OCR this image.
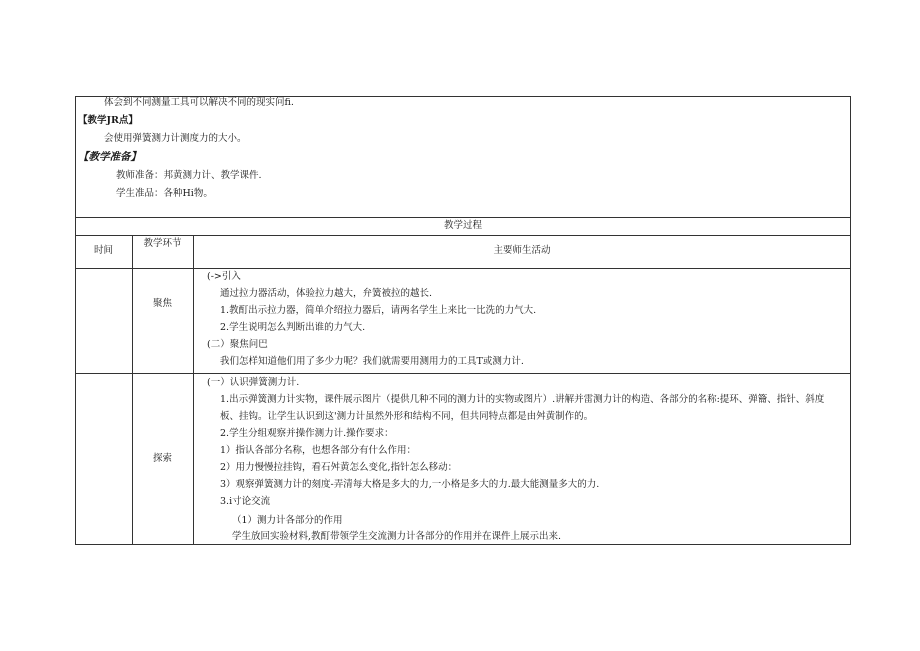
体会到不同测量工具可以解决不同的现实问fi.
【教学JR点】
会使用弹簧测力计测度力的大小。
【教学准备】
教师准备：邦黄测力计、教学课件.
学生准品：各种Hi物。
教学过程
时间
教学环节
主要师生活动
聚焦
(->引入
通过拉力器活动，体验拉力越大，弁簧被拉的越长.
1.教酊出示拉力器，简单介绍拉力器后，请两名学生上来比一比洗的力气大.
2.学生说明怎么判断出谁的力气大.
(二）聚焦问巴
我们怎样知道他们用了多少力呢？我们就需要用测用力的工具T或测力计.
探索
(一）认识弹簧测力计.
1.出示弹簧测力计实物，课件展示图片（提供几种不同的测力计的实物或图片）.讲解并雷测力计的构造、各部分的名称:提环、弹籥、指针、斜度
板、挂钩。让学生认识到这'测力计虽然外形和结构不同，但共同特点都是由舛黄制作的。
2.学生分组观察并操作测力计.操作要求：
1）指认各部分名称，也想各部分有什么作用：
2）用力慢慢拉挂钩，看石舛黄怎么变化,指针怎么移动：
3）观察弹簧测力计的刻度-弄清每大格是多大的力,一小格是多大的力.最大能测量多大的力.
3.i寸论交流
（1）测力计各部分的作用
学生放回实验材料,教酊带领学生交流测力计各部分的作用并在课件上展示出来.
